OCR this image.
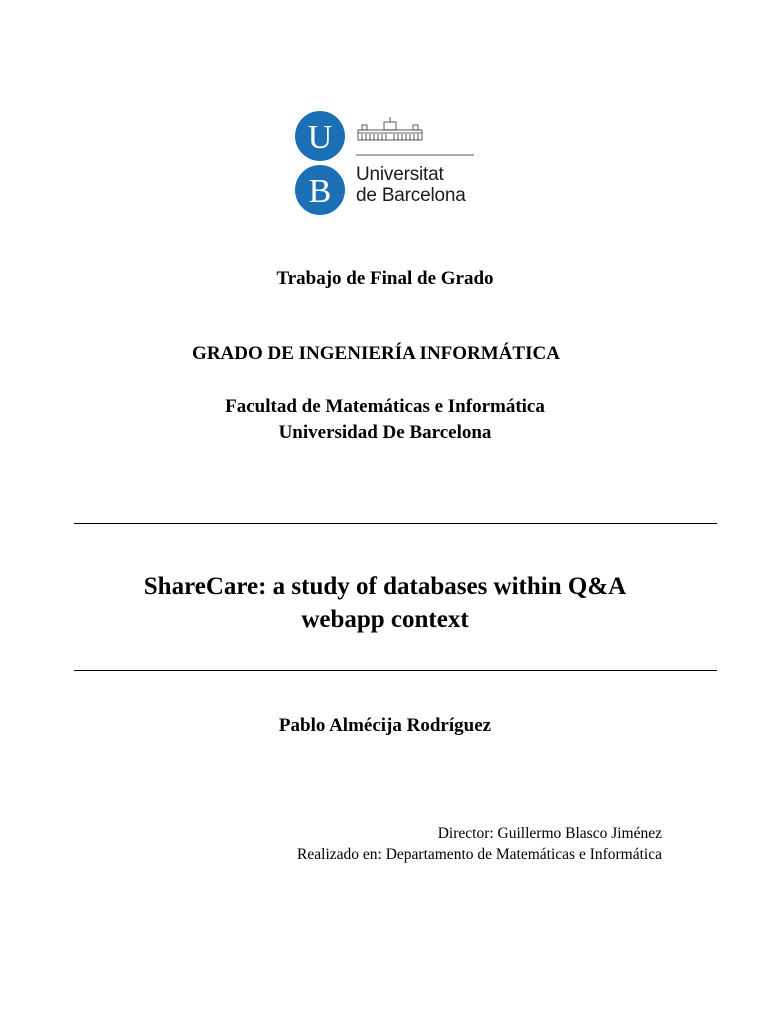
U
B Universitat
de Barcelona
Trabajo de Final de Grado
GRADO DE INGENIERÍA INFORMÁTICA
Facultad de Matemáticas e Informática
Universidad De Barcelona
ShareCare: a study of databases within Q&A
webapp context
Pablo Almécija Rodríguez
Director: Guillermo Blasco Jiménez
Realizado en: Departamento de Matemáticas e Informática
